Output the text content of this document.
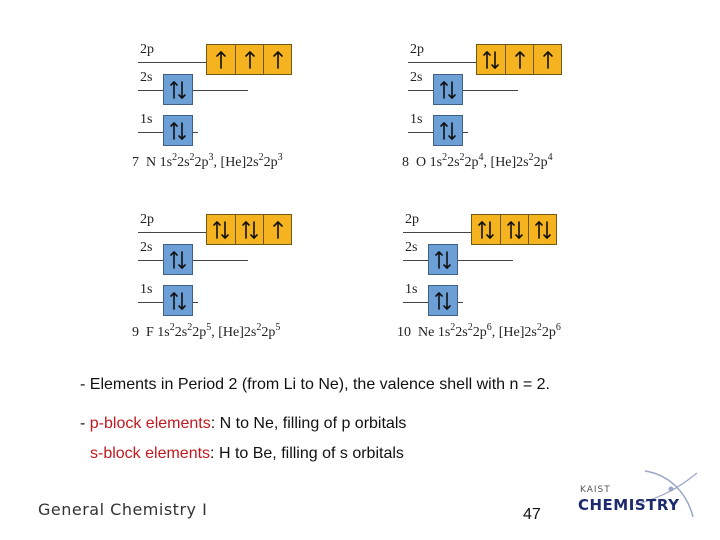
2p
2s
1s
7 N $1s^22s^22p^3$, $[He]2s^22p^3$
2p
2s
1s
8 O $1s^22s^22p^4$, $[He]2s^22p^4$
2p
2s
1s
9 F $1s^22s^22p^5$, $[He]2s^22p^5$
2p
2s
1s
10 Ne $1s^22s^22p^6$, $[He]2s^22p^6$
- Elements in Period 2 (from Li to Ne), the valence shell with n = 2.
- p-block elements: N to Ne, filling of p orbitals
s-block elements: H to Be, filling of s orbitals
General Chemistry I	47
KAIST
CHEMISTRY
